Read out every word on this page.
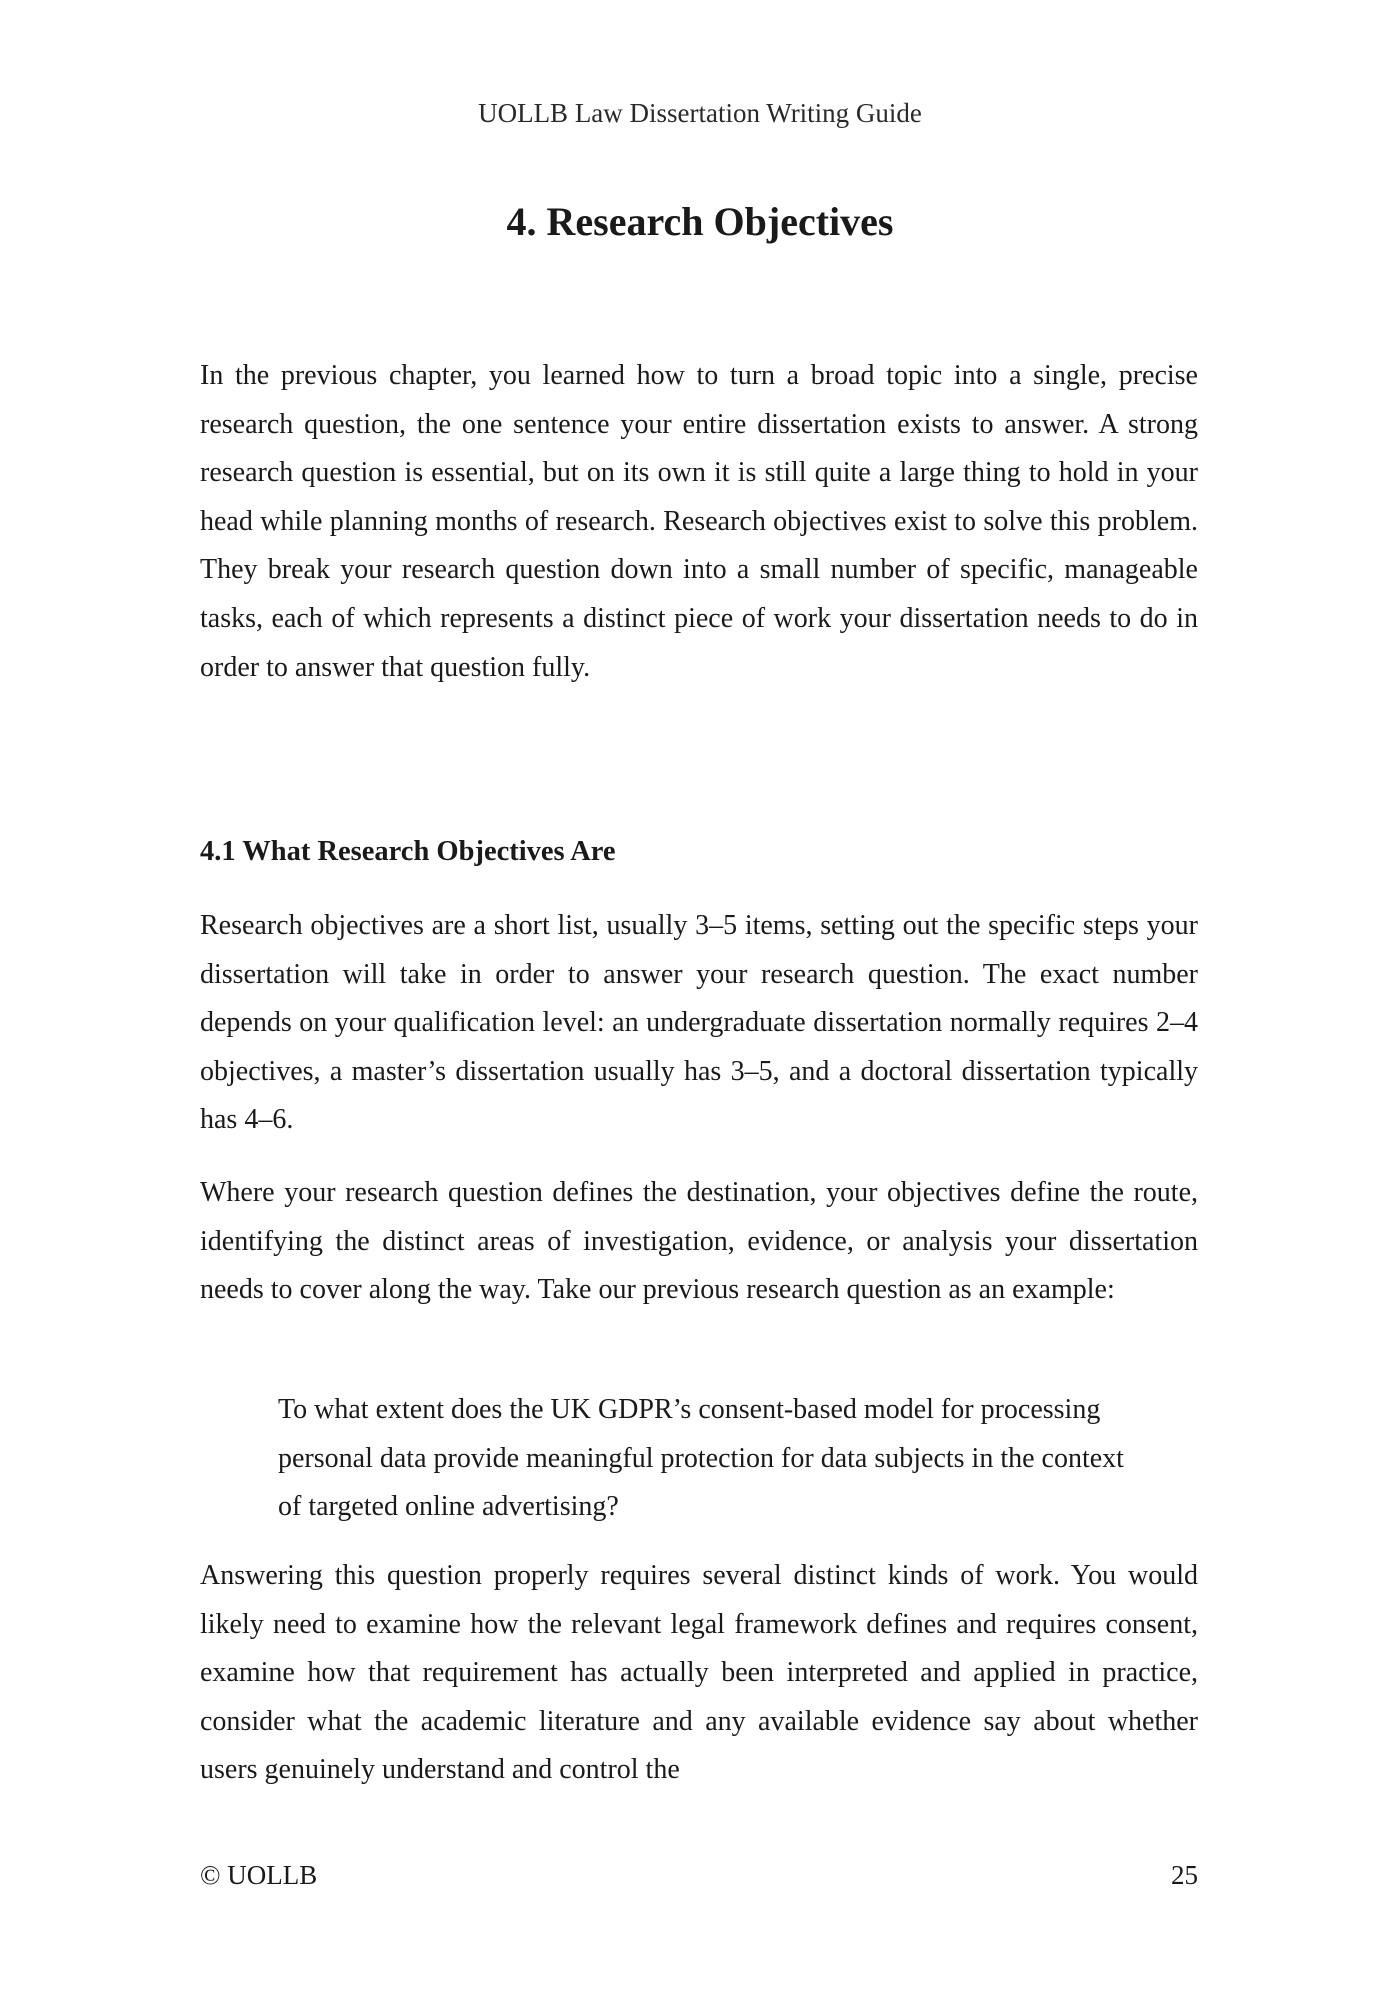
UOLLB Law Dissertation Writing Guide
4. Research Objectives

In the previous chapter, you learned how to turn a broad topic into a single, precise research question, the one sentence your entire dissertation exists to answer. A strong research question is essential, but on its own it is still quite a large thing to hold in your head while planning months of research. Research objectives exist to solve this problem. They break your research question down into a small number of specific, manageable tasks, each of which represents a distinct piece of work your dissertation needs to do in order to answer that question fully.

4.1 What Research Objectives Are

Research objectives are a short list, usually 3–5 items, setting out the specific steps your dissertation will take in order to answer your research question. The exact number depends on your qualification level: an undergraduate dissertation normally requires 2–4 objectives, a master’s dissertation usually has 3–5, and a doctoral dissertation typically has 4–6.

Where your research question defines the destination, your objectives define the route, identifying the distinct areas of investigation, evidence, or analysis your dissertation needs to cover along the way. Take our previous research question as an example:

To what extent does the UK GDPR’s consent-based model for processing personal data provide meaningful protection for data subjects in the context of targeted online advertising?

Answering this question properly requires several distinct kinds of work. You would likely need to examine how the relevant legal framework defines and requires consent, examine how that requirement has actually been interpreted and applied in practice, consider what the academic literature and any available evidence say about whether users genuinely understand and control the

© UOLLB	25
